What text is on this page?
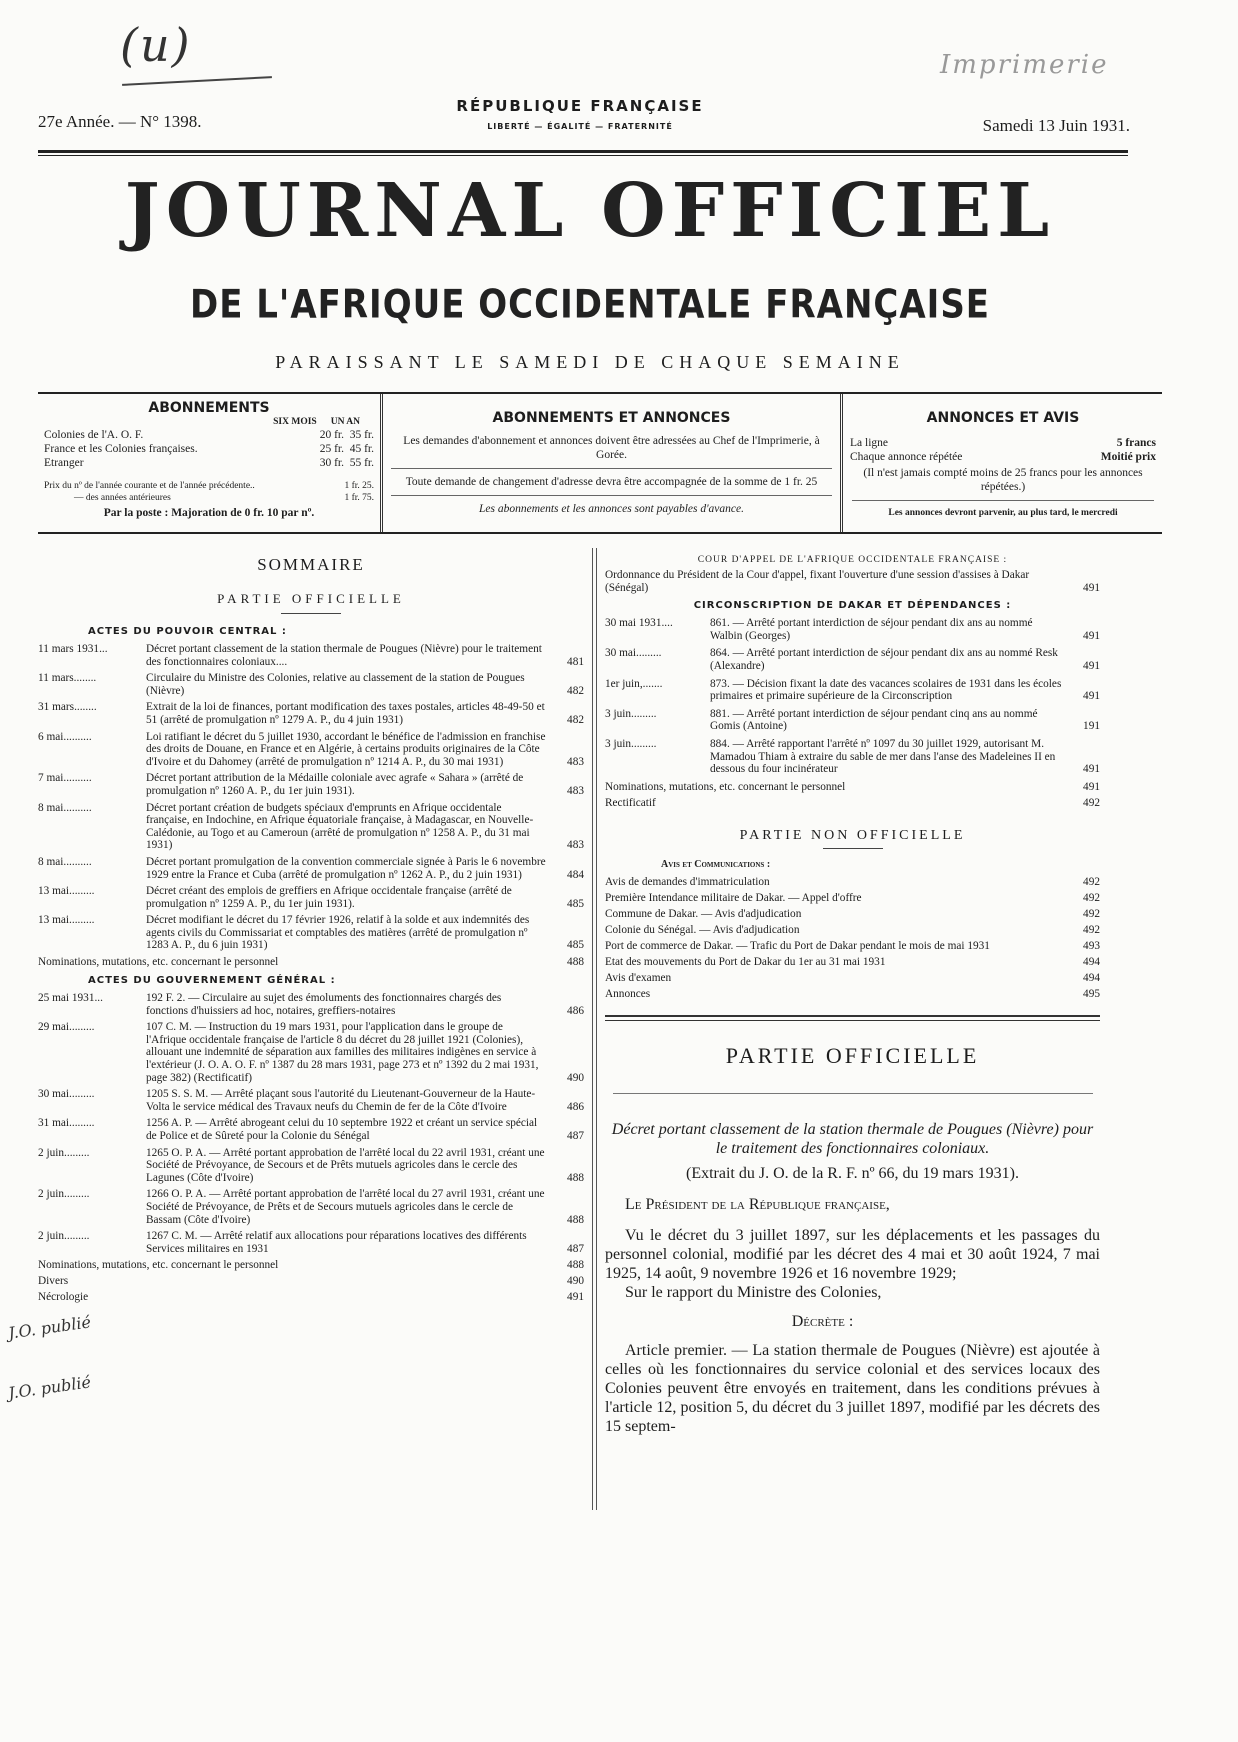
(u)	Imprimerie
27e Année. — N° 1398.
RÉPUBLIQUE FRANÇAISE
LIBERTÉ — ÉGALITÉ — FRATERNITÉ	Samedi 13 Juin 1931.
JOURNAL OFFICIEL
DE L'AFRIQUE OCCIDENTALE FRANÇAISE
PARAISSANT LE SAMEDI DE CHAQUE SEMAINE
ABONNEMENTS
SIX MOIS UN AN
Colonies de l'A. O. F.	20 fr. 35 fr.
France et les Colonies françaises.	25 fr. 45 fr.
Etranger	30 fr. 55 fr.
Prix du nº de l'année courante et de l'année précédente..	1 fr. 25.
— des années antérieures	1 fr. 75.
Par la poste : Majoration de 0 fr. 10 par nº.
ABONNEMENTS ET ANNONCES
Les demandes d'abonnement et annonces doivent être adressées au Chef de l'Imprimerie, à Gorée.
Toute demande de changement d'adresse devra être accompagnée de la somme de 1 fr. 25
Les abonnements et les annonces sont payables d'avance.
ANNONCES ET AVIS
La ligne	5 francs
Chaque annonce répétée	Moitié prix
(Il n'est jamais compté moins de 25 francs pour les annonces répétées.)
Les annonces devront parvenir, au plus tard, le mercredi
SOMMAIRE
PARTIE OFFICIELLE
ACTES DU POUVOIR CENTRAL :
11 mars 1931...	Décret portant classement de la station thermale de Pougues (Nièvre) pour le traitement des fonctionnaires coloniaux....	481
11 mars........	Circulaire du Ministre des Colonies, relative au classement de la station de Pougues (Nièvre)	482
31 mars........	Extrait de la loi de finances, portant modification des taxes postales, articles 48-49-50 et 51 (arrêté de promulgation nº 1279 A. P., du 4 juin 1931)	482
6 mai..........	Loi ratifiant le décret du 5 juillet 1930, accordant le bénéfice de l'admission en franchise des droits de Douane, en France et en Algérie, à certains produits originaires de la Côte d'Ivoire et du Dahomey (arrêté de promulgation nº 1214 A. P., du 30 mai 1931)	483
7 mai..........	Décret portant attribution de la Médaille coloniale avec agrafe « Sahara » (arrêté de promulgation nº 1260 A. P., du 1er juin 1931).	483
8 mai..........	Décret portant création de budgets spéciaux d'emprunts en Afrique occidentale française, en Indochine, en Afrique équatoriale française, à Madagascar, en Nouvelle-Calédonie, au Togo et au Cameroun (arrêté de promulgation nº 1258 A. P., du 31 mai 1931)	483
8 mai..........	Décret portant promulgation de la convention commerciale signée à Paris le 6 novembre 1929 entre la France et Cuba (arrêté de promulgation nº 1262 A. P., du 2 juin 1931)	484
13 mai.........	Décret créant des emplois de greffiers en Afrique occidentale française (arrêté de promulgation nº 1259 A. P., du 1er juin 1931).	485
13 mai.........	Décret modifiant le décret du 17 février 1926, relatif à la solde et aux indemnités des agents civils du Commissariat et comptables des matières (arrêté de promulgation nº 1283 A. P., du 6 juin 1931)	485
Nominations, mutations, etc. concernant le personnel	488
ACTES DU GOUVERNEMENT GÉNÉRAL :
25 mai 1931...	192 F. 2. — Circulaire au sujet des émoluments des fonctionnaires chargés des fonctions d'huissiers ad hoc, notaires, greffiers-notaires	486
29 mai.........	107 C. M. — Instruction du 19 mars 1931, pour l'application dans le groupe de l'Afrique occidentale française de l'article 8 du décret du 28 juillet 1921 (Colonies), allouant une indemnité de séparation aux familles des militaires indigènes en service à l'extérieur (J. O. A. O. F. nº 1387 du 28 mars 1931, page 273 et nº 1392 du 2 mai 1931, page 382) (Rectificatif)	490
30 mai.........	1205 S. S. M. — Arrêté plaçant sous l'autorité du Lieutenant-Gouverneur de la Haute-Volta le service médical des Travaux neufs du Chemin de fer de la Côte d'Ivoire	486
31 mai.........	1256 A. P. — Arrêté abrogeant celui du 10 septembre 1922 et créant un service spécial de Police et de Sûreté pour la Colonie du Sénégal	487
2 juin.........	1265 O. P. A. — Arrêté portant approbation de l'arrêté local du 22 avril 1931, créant une Société de Prévoyance, de Secours et de Prêts mutuels agricoles dans le cercle des Lagunes (Côte d'Ivoire)	488
2 juin.........	1266 O. P. A. — Arrêté portant approbation de l'arrêté local du 27 avril 1931, créant une Société de Prévoyance, de Prêts et de Secours mutuels agricoles dans le cercle de Bassam (Côte d'Ivoire)	488
2 juin.........	1267 C. M. — Arrêté relatif aux allocations pour réparations locatives des différents Services militaires en 1931	487
Nominations, mutations, etc. concernant le personnel	488
Divers	490
Nécrologie	491
J.O. publié
J.O. publié
COUR D'APPEL DE L'AFRIQUE OCCIDENTALE FRANÇAISE :
Ordonnance du Président de la Cour d'appel, fixant l'ouverture d'une session d'assises à Dakar (Sénégal)	491
CIRCONSCRIPTION DE DAKAR ET DÉPENDANCES :
30 mai 1931....	861. — Arrêté portant interdiction de séjour pendant dix ans au nommé Walbin (Georges)	491
30 mai.........	864. — Arrêté portant interdiction de séjour pendant dix ans au nommé Resk (Alexandre)	491
1er juin,.......	873. — Décision fixant la date des vacances scolaires de 1931 dans les écoles primaires et primaire supérieure de la Circonscription	491
3 juin.........	881. — Arrêté portant interdiction de séjour pendant cinq ans au nommé Gomis (Antoine)	191
3 juin.........	884. — Arrêté rapportant l'arrêté nº 1097 du 30 juillet 1929, autorisant M. Mamadou Thiam à extraire du sable de mer dans l'anse des Madeleines II en dessous du four incinérateur	491
Nominations, mutations, etc. concernant le personnel	491
Rectificatif	492
PARTIE NON OFFICIELLE
Avis et Communications :
Avis de demandes d'immatriculation	492
Première Intendance militaire de Dakar. — Appel d'offre	492
Commune de Dakar. — Avis d'adjudication	492
Colonie du Sénégal. — Avis d'adjudication	492
Port de commerce de Dakar. — Trafic du Port de Dakar pendant le mois de mai 1931	493
Etat des mouvements du Port de Dakar du 1er au 31 mai 1931	494
Avis d'examen	494
Annonces	495
PARTIE OFFICIELLE
Décret portant classement de la station thermale de Pougues (Nièvre) pour le traitement des fonctionnaires coloniaux.
(Extrait du J. O. de la R. F. nº 66, du 19 mars 1931).
Le Président de la République française,
Vu le décret du 3 juillet 1897, sur les déplacements et les passages du personnel colonial, modifié par les décret des 4 mai et 30 août 1924, 7 mai 1925, 14 août, 9 novembre 1926 et 16 novembre 1929;
Sur le rapport du Ministre des Colonies,
Décrète :
Article premier. — La station thermale de Pougues (Nièvre) est ajoutée à celles où les fonctionnaires du service colonial et des services locaux des Colonies peuvent être envoyés en traitement, dans les conditions prévues à l'article 12, position 5, du décret du 3 juillet 1897, modifié par les décrets des 15 septem-
